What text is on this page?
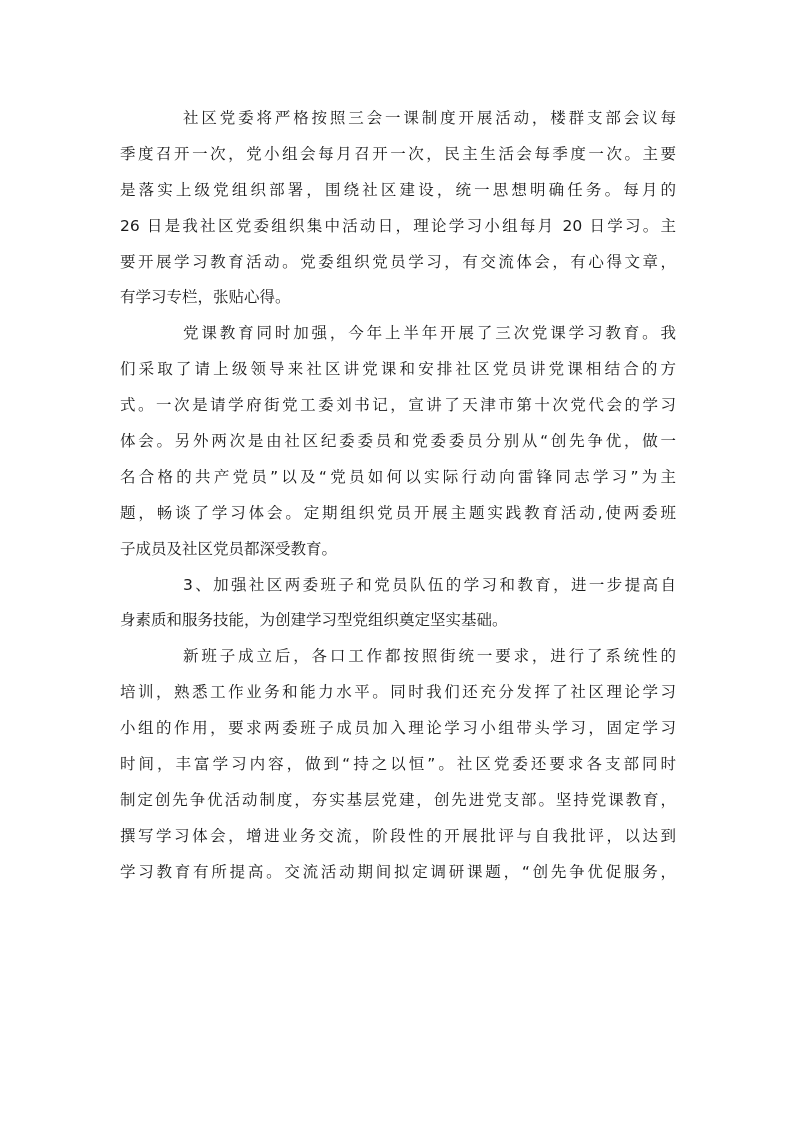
社区党委将严格按照三会一课制度开展活动，楼群支部会议每
季度召开一次，党小组会每月召开一次，民主生活会每季度一次。主要
是落实上级党组织部署，围绕社区建设，统一思想明确任务。每月的
26 日是我社区党委组织集中活动日，理论学习小组每月 20 日学习。主
要开展学习教育活动。党委组织党员学习，有交流体会，有心得文章，
有学习专栏，张贴心得。
党课教育同时加强，今年上半年开展了三次党课学习教育。我
们采取了请上级领导来社区讲党课和安排社区党员讲党课相结合的方
式。一次是请学府街党工委刘书记，宣讲了天津市第十次党代会的学习
体会。另外两次是由社区纪委委员和党委委员分别从“创先争优，做一
名合格的共产党员”以及“党员如何以实际行动向雷锋同志学习”为主
题，畅谈了学习体会。定期组织党员开展主题实践教育活动,使两委班
子成员及社区党员都深受教育。
3、加强社区两委班子和党员队伍的学习和教育，进一步提高自
身素质和服务技能，为创建学习型党组织奠定坚实基础。
新班子成立后，各口工作都按照街统一要求，进行了系统性的
培训，熟悉工作业务和能力水平。同时我们还充分发挥了社区理论学习
小组的作用，要求两委班子成员加入理论学习小组带头学习，固定学习
时间，丰富学习内容，做到“持之以恒”。社区党委还要求各支部同时
制定创先争优活动制度，夯实基层党建，创先进党支部。坚持党课教育，
撰写学习体会，增进业务交流，阶段性的开展批评与自我批评，以达到
学习教育有所提高。交流活动期间拟定调研课题，“创先争优促服务，
